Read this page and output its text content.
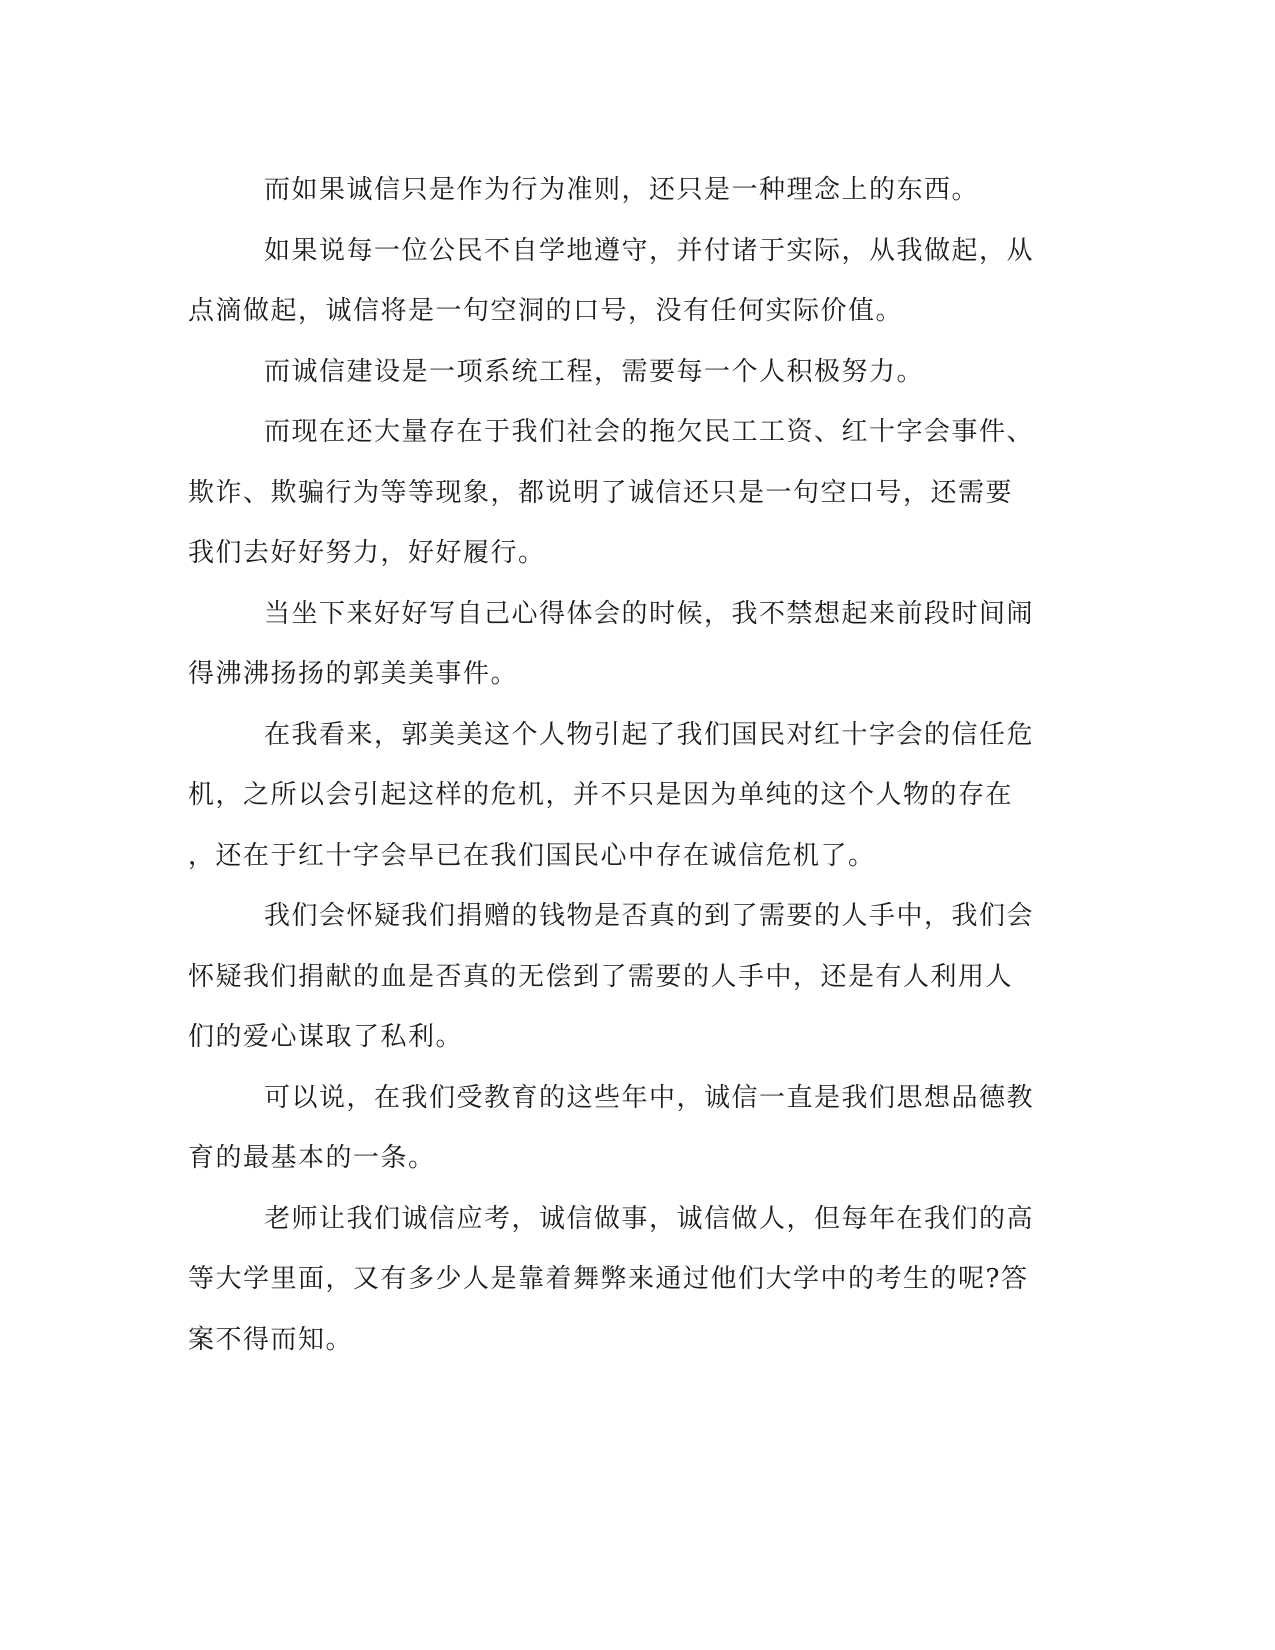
而如果诚信只是作为行为准则，还只是一种理念上的东西。

如果说每一位公民不自学地遵守，并付诸于实际，从我做起，从
点滴做起，诚信将是一句空洞的口号，没有任何实际价值。

而诚信建设是一项系统工程，需要每一个人积极努力。

而现在还大量存在于我们社会的拖欠民工工资、红十字会事件、
欺诈、欺骗行为等等现象，都说明了诚信还只是一句空口号，还需要
我们去好好努力，好好履行。

当坐下来好好写自己心得体会的时候，我不禁想起来前段时间闹
得沸沸扬扬的郭美美事件。

在我看来，郭美美这个人物引起了我们国民对红十字会的信任危
机，之所以会引起这样的危机，并不只是因为单纯的这个人物的存在
，还在于红十字会早已在我们国民心中存在诚信危机了。

我们会怀疑我们捐赠的钱物是否真的到了需要的人手中，我们会
怀疑我们捐献的血是否真的无偿到了需要的人手中，还是有人利用人
们的爱心谋取了私利。

可以说，在我们受教育的这些年中，诚信一直是我们思想品德教
育的最基本的一条。

老师让我们诚信应考，诚信做事，诚信做人，但每年在我们的高
等大学里面，又有多少人是靠着舞弊来通过他们大学中的考生的呢?答
案不得而知。
